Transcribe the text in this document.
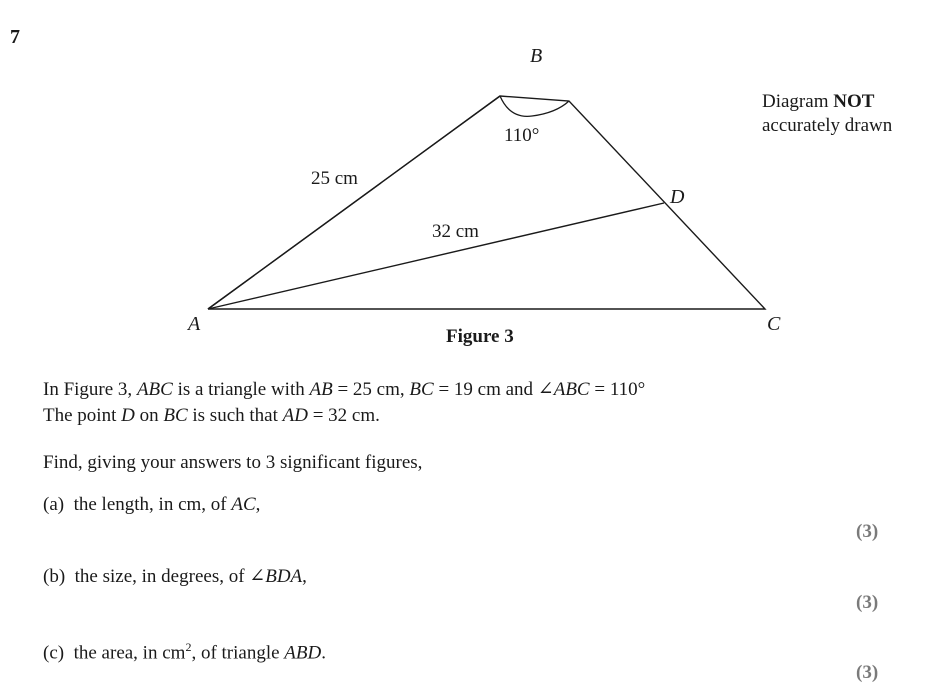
7
B
A	C
D
25 cm
32 cm
110°
Diagram NOT
accurately drawn
Figure 3
In Figure 3, ABC is a triangle with AB = 25 cm, BC = 19 cm and ∠ABC = 110°
The point D on BC is such that AD = 32 cm.
Find, giving your answers to 3 significant figures,
(a) the length, in cm, of AC,
(3)
(b) the size, in degrees, of ∠BDA,
(3)
(c) the area, in $cm^2$, of triangle ABD.
(3)
